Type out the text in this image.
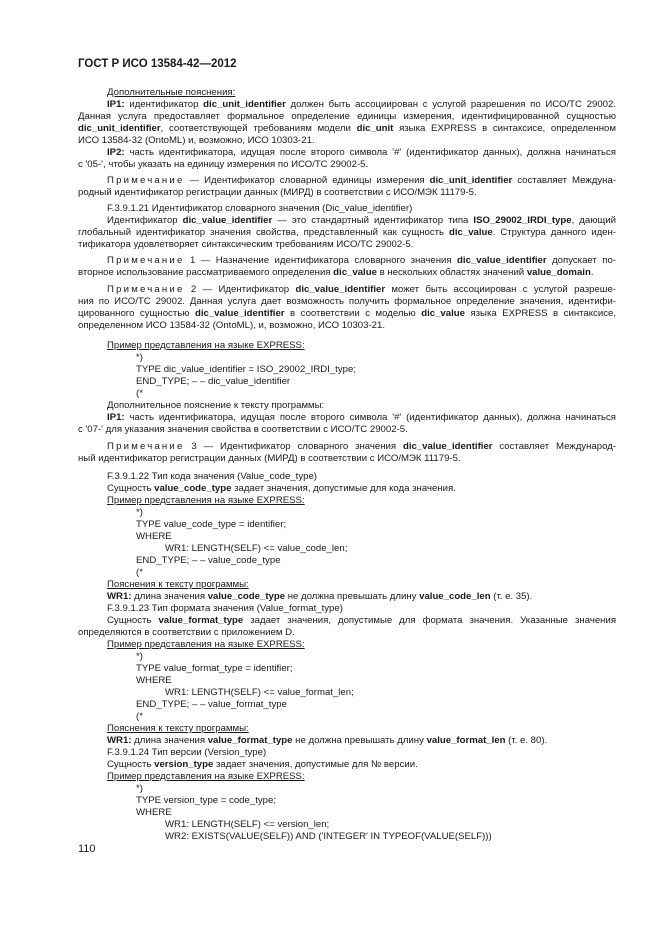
ГОСТ Р ИСО 13584-42—2012
Дополнительные пояснения:
IP1: идентификатор dic_unit_identifier должен быть ассоциирован с услугой разрешения по ИСО/ТС 29002.
Данная услуга предоставляет формальное определение единицы измерения, идентифицированной сущностью
dic_unit_identifier, соответствующей требованиям модели dic_unit языка EXPRESS в синтаксисе, определенном
ИСО 13584-32 (OntoML) и, возможно, ИСО 10303-21.
IP2: часть идентификатора, идущая после второго символа '#' (идентификатор данных), должна начинаться
с '05-', чтобы указать на единицу измерения по ИСО/ТС 29002-5.
Примечание — Идентификатор словарной единицы измерения dic_unit_identifier составляет Междуна-
родный идентификатор регистрации данных (МИРД) в соответствии с ИСО/МЭК 11179-5.
F.3.9.1.21 Идентификатор словарного значения (Dic_value_identifier)
Идентификатор dic_value_identifier — это стандартный идентификатор типа ISO_29002_IRDI_type, дающий
глобальный идентификатор значения свойства, представленный как сущность dic_value. Структура данного иден-
тификатора удовлетворяет синтаксическим требованиям ИСО/ТС 29002-5.
Примечание 1 — Назначение идентификатора словарного значения dic_value_identifier допускает по-
вторное использование рассматриваемого определения dic_value в нескольких областях значений value_domain.
Примечание 2 — Идентификатор dic_value_identifier может быть ассоциирован с услугой разреше-
ния по ИСО/ТС 29002. Данная услуга дает возможность получить формальное определение значения, идентифи-
цированного сущностью dic_value_identifier в соответствии с моделью dic_value языка EXPRESS в синтаксисе,
определенном ИСО 13584-32 (OntoML), и, возможно, ИСО 10303-21.
Пример представления на языке EXPRESS:
*)
TYPE dic_value_identifier = ISO_29002_IRDI_type;
END_TYPE; – – dic_value_identifier
(*
Дополнительное пояснение к тексту программы:
IP1: часть идентификатора, идущая после второго символа '#' (идентификатор данных), должна начинаться
с '07-' для указания значения свойства в соответствии с ИСО/ТС 29002-5.
Примечание 3 — Идентификатор словарного значения dic_value_identifier составляет Международ-
ный идентификатор регистрации данных (МИРД) в соответствии с ИСО/МЭК 11179-5.
F.3.9.1.22 Тип кода значения (Value_code_type)
Сущность value_code_type задает значения, допустимые для кода значения.
Пример представления на языке EXPRESS:
*)
TYPE value_code_type = identifier;
WHERE
WR1: LENGTH(SELF) <= value_code_len;
END_TYPE; – – value_code_type
(*
Пояснения к тексту программы:
WR1: длина значения value_code_type не должна превышать длину value_code_len (т. е. 35).
F.3.9.1.23 Тип формата значения (Value_format_type)
Сущность value_format_type задает значения, допустимые для формата значения. Указанные значения
определяются в соответствии с приложением D.
Пример представления на языке EXPRESS:
*)
TYPE value_format_type = identifier;
WHERE
WR1: LENGTH(SELF) <= value_format_len;
END_TYPE; – – value_format_type
(*
Пояснения к тексту программы:
WR1: длина значения value_format_type не должна превышать длину value_format_len (т. е. 80).
F.3.9.1.24 Тип версии (Version_type)
Сущность version_type задает значения, допустимые для № версии.
Пример представления на языке EXPRESS:
*)
TYPE version_type = code_type;
WHERE
WR1: LENGTH(SELF) <= version_len;
WR2: EXISTS(VALUE(SELF)) AND ('INTEGER' IN TYPEOF(VALUE(SELF)))
110
